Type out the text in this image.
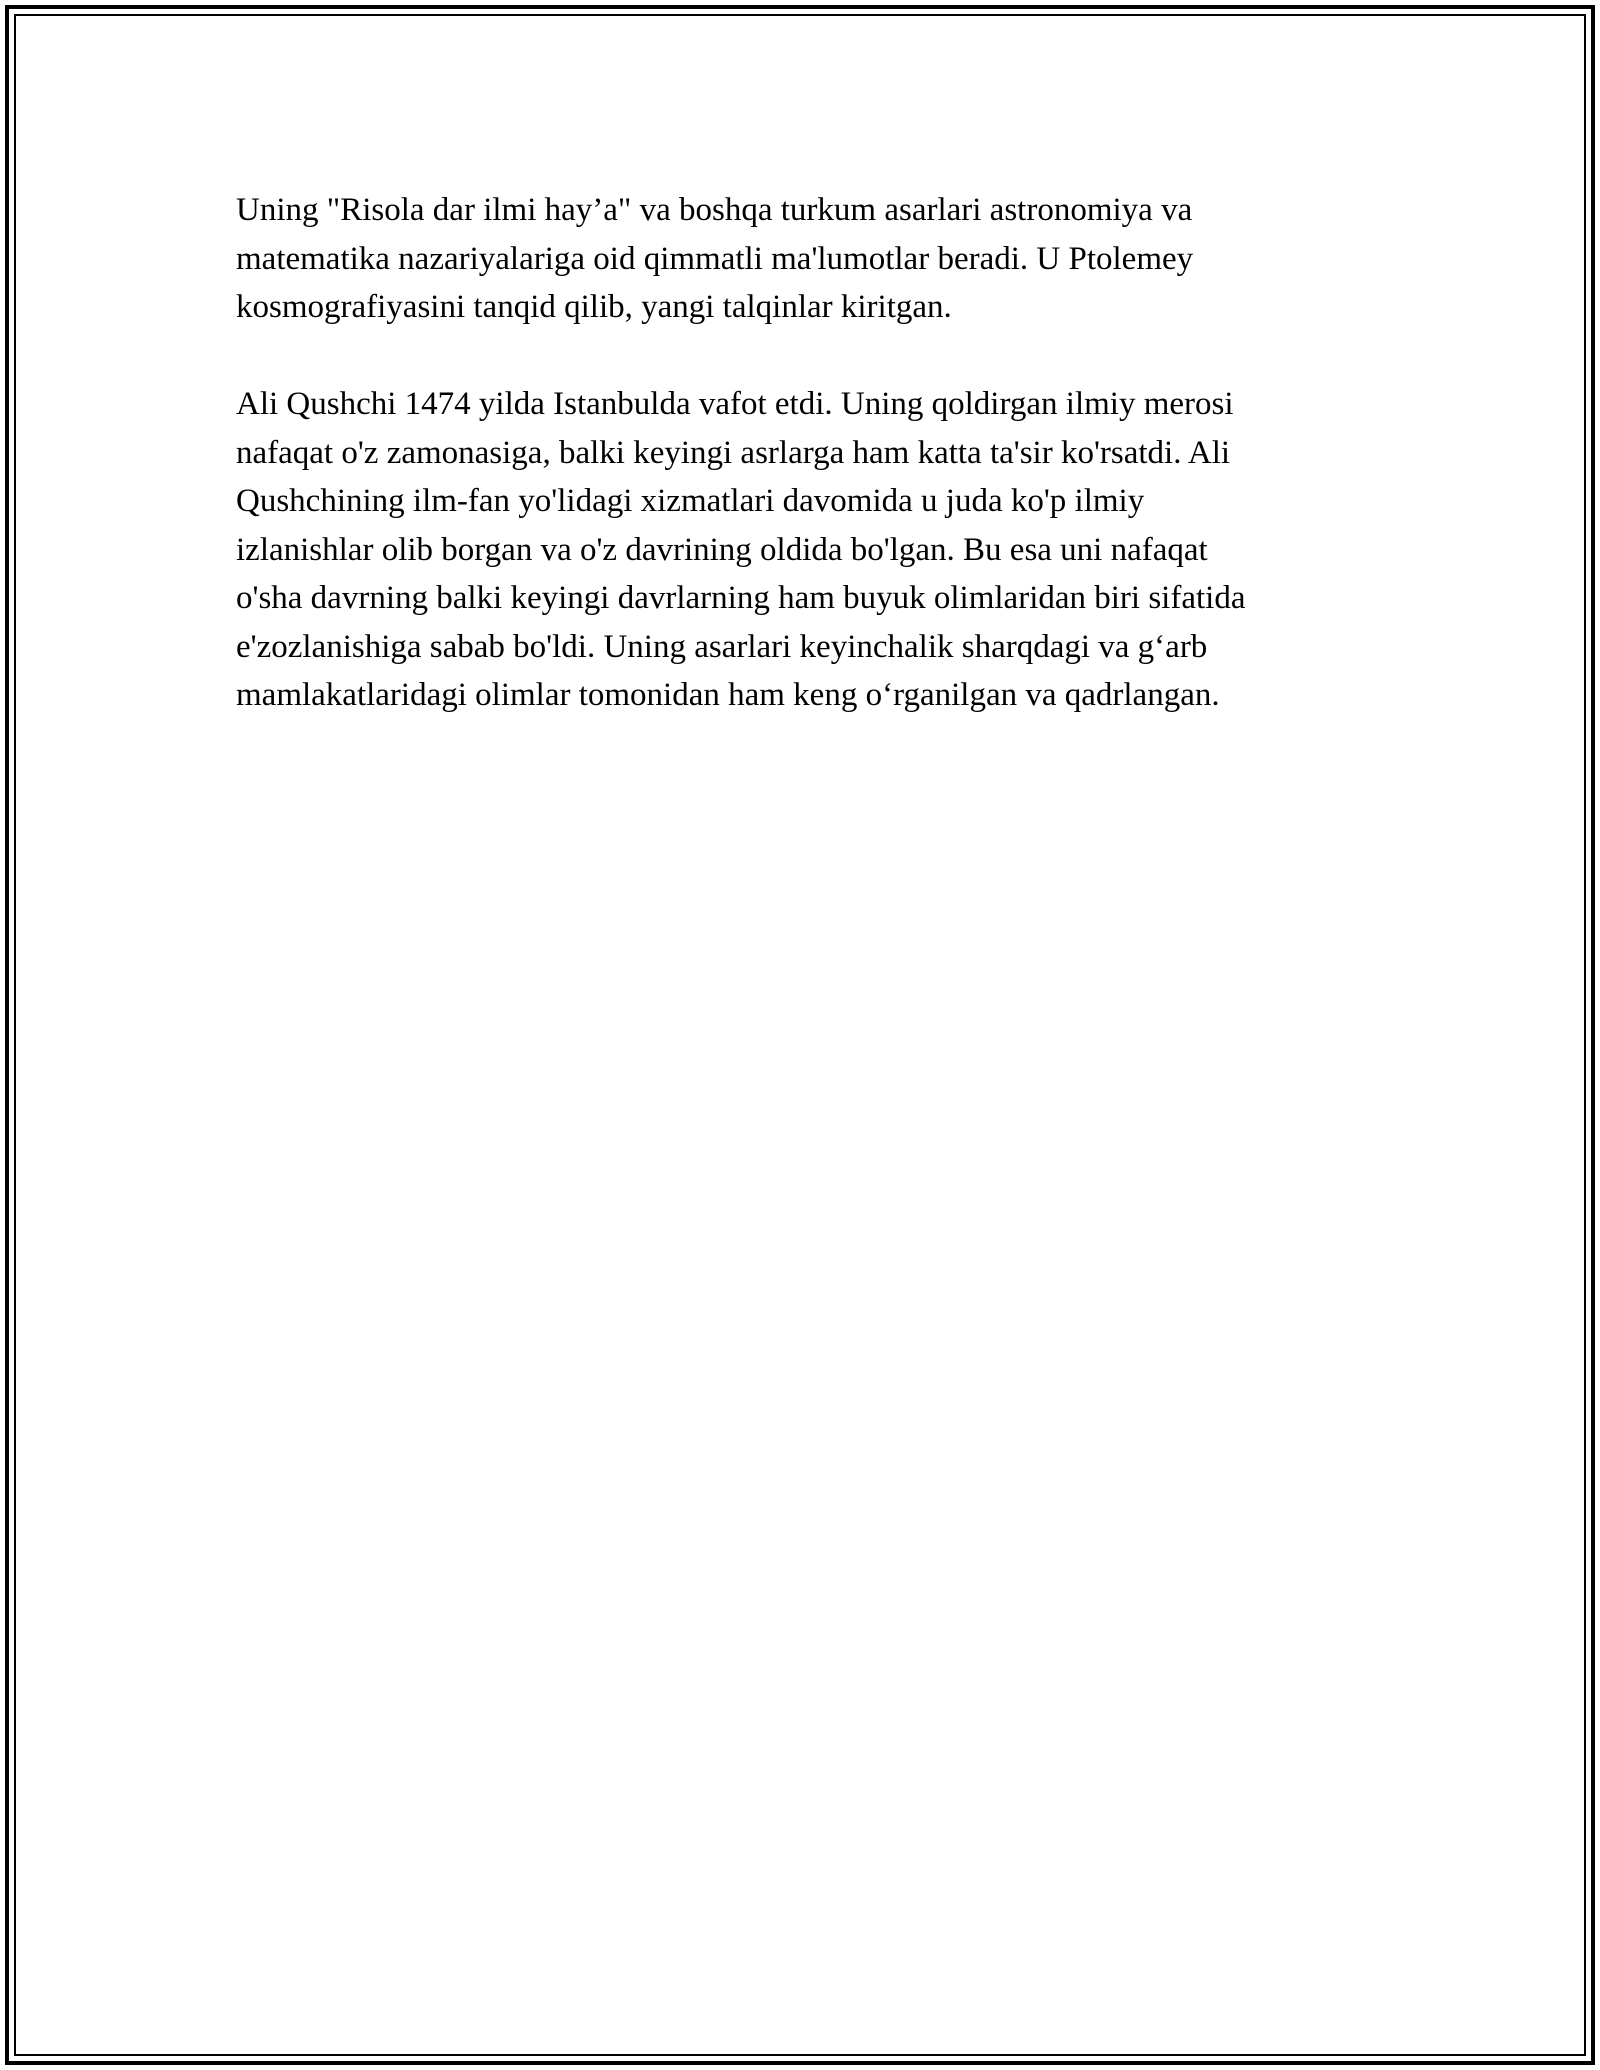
Uning "Risola dar ilmi hay’a" va boshqa turkum asarlari astronomiya va
matematika nazariyalariga oid qimmatli ma'lumotlar beradi. U Ptolemey
kosmografiyasini tanqid qilib, yangi talqinlar kiritgan.

Ali Qushchi 1474 yilda Istanbulda vafot etdi. Uning qoldirgan ilmiy merosi
nafaqat o'z zamonasiga, balki keyingi asrlarga ham katta ta'sir ko'rsatdi. Ali
Qushchining ilm-fan yo'lidagi xizmatlari davomida u juda ko'p ilmiy
izlanishlar olib borgan va o'z davrining oldida bo'lgan. Bu esa uni nafaqat
o'sha davrning balki keyingi davrlarning ham buyuk olimlaridan biri sifatida
e'zozlanishiga sabab bo'ldi. Uning asarlari keyinchalik sharqdagi va g‘arb
mamlakatlaridagi olimlar tomonidan ham keng o‘rganilgan va qadrlangan.
